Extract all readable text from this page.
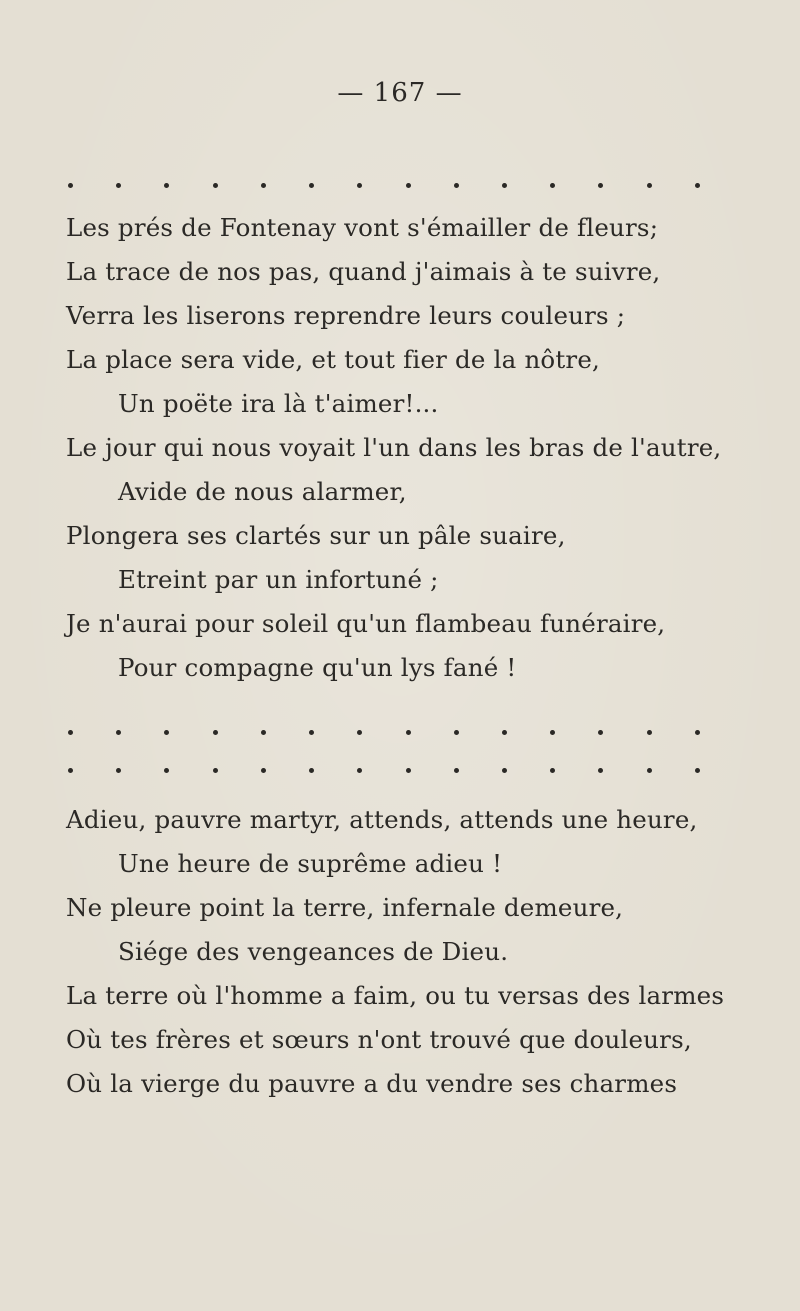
— 167 —
Les prés de Fontenay vont s'émailler de fleurs;
La trace de nos pas, quand j'aimais à te suivre,
Verra les liserons reprendre leurs couleurs ;
La place sera vide, et tout fier de la nôtre,
Un poëte ira là t'aimer!...
Le jour qui nous voyait l'un dans les bras de l'autre,
Avide de nous alarmer,
Plongera ses clartés sur un pâle suaire,
Etreint par un infortuné ;
Je n'aurai pour soleil qu'un flambeau funéraire,
Pour compagne qu'un lys fané !
Adieu, pauvre martyr, attends, attends une heure,
Une heure de suprême adieu !
Ne pleure point la terre, infernale demeure,
Siége des vengeances de Dieu.
La terre où l'homme a faim, ou tu versas des larmes
Où tes frères et sœurs n'ont trouvé que douleurs,
Où la vierge du pauvre a du vendre ses charmes
